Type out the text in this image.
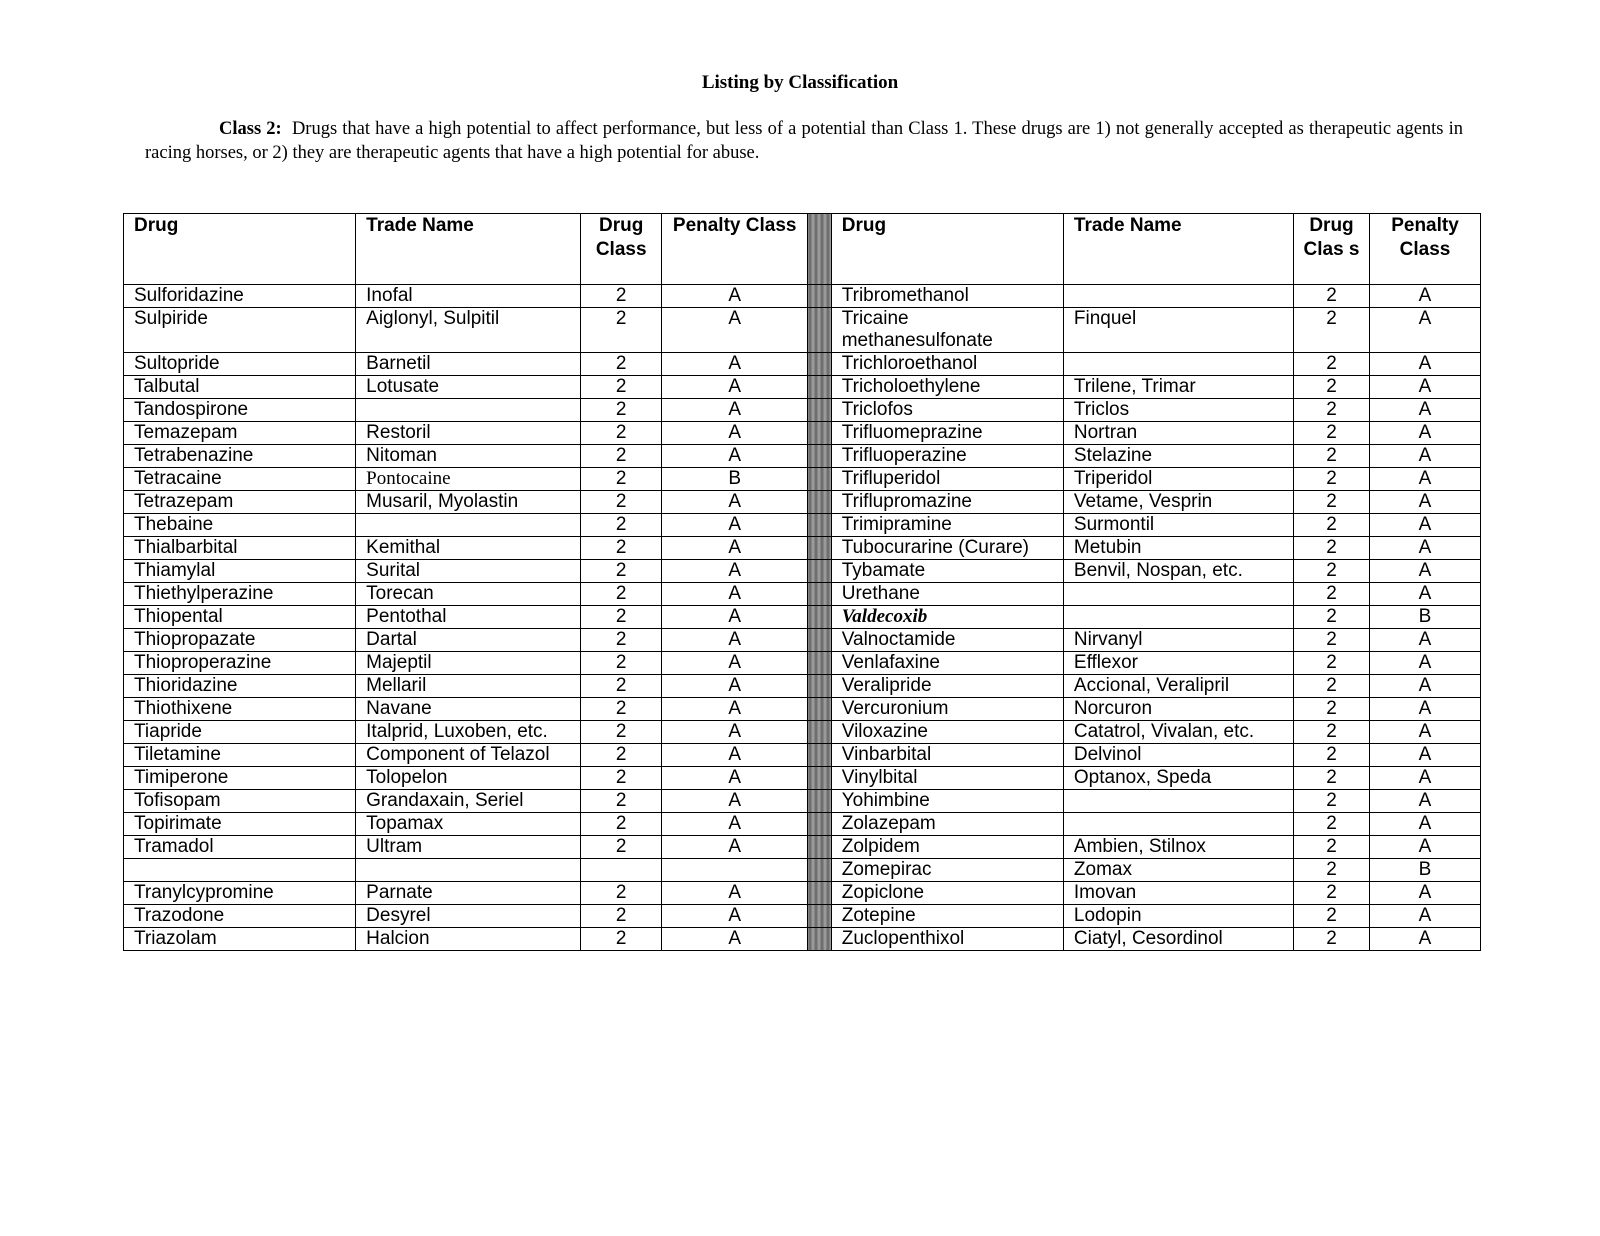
Listing by Classification
Class 2: Drugs that have a high potential to affect performance, but less of a potential than Class 1. These drugs are 1) not generally accepted as therapeutic agents in racing horses, or 2) they are therapeutic agents that have a high potential for abuse.
Drug	Trade Name	Drug Class	Penalty Class		Drug	Trade Name	Drug Clas s	Penalty Class
Sulforidazine	Inofal	2	A		Tribromethanol		2	A
Sulpiride	Aiglonyl, Sulpitil	2	A		Tricaine methanesulfonate	Finquel	2	A
Sultopride	Barnetil	2	A		Trichloroethanol		2	A
Talbutal	Lotusate	2	A		Tricholoethylene	Trilene, Trimar	2	A
Tandospirone		2	A		Triclofos	Triclos	2	A
Temazepam	Restoril	2	A		Trifluomeprazine	Nortran	2	A
Tetrabenazine	Nitoman	2	A		Trifluoperazine	Stelazine	2	A
Tetracaine	Pontocaine	2	B		Trifluperidol	Triperidol	2	A
Tetrazepam	Musaril, Myolastin	2	A		Triflupromazine	Vetame, Vesprin	2	A
Thebaine		2	A		Trimipramine	Surmontil	2	A
Thialbarbital	Kemithal	2	A		Tubocurarine (Curare)	Metubin	2	A
Thiamylal	Surital	2	A		Tybamate	Benvil, Nospan, etc.	2	A
Thiethylperazine	Torecan	2	A		Urethane		2	A
Thiopental	Pentothal	2	A		Valdecoxib		2	B
Thiopropazate	Dartal	2	A		Valnoctamide	Nirvanyl	2	A
Thioproperazine	Majeptil	2	A		Venlafaxine	Efflexor	2	A
Thioridazine	Mellaril	2	A		Veralipride	Accional, Veralipril	2	A
Thiothixene	Navane	2	A		Vercuronium	Norcuron	2	A
Tiapride	Italprid, Luxoben, etc.	2	A		Viloxazine	Catatrol, Vivalan, etc.	2	A
Tiletamine	Component of Telazol	2	A		Vinbarbital	Delvinol	2	A
Timiperone	Tolopelon	2	A		Vinylbital	Optanox, Speda	2	A
Tofisopam	Grandaxain, Seriel	2	A		Yohimbine		2	A
Topirimate	Topamax	2	A		Zolazepam		2	A
Tramadol	Ultram	2	A		Zolpidem	Ambien, Stilnox	2	A
					Zomepirac	Zomax	2	B
Tranylcypromine	Parnate	2	A		Zopiclone	Imovan	2	A
Trazodone	Desyrel	2	A		Zotepine	Lodopin	2	A
Triazolam	Halcion	2	A		Zuclopenthixol	Ciatyl, Cesordinol	2	A
